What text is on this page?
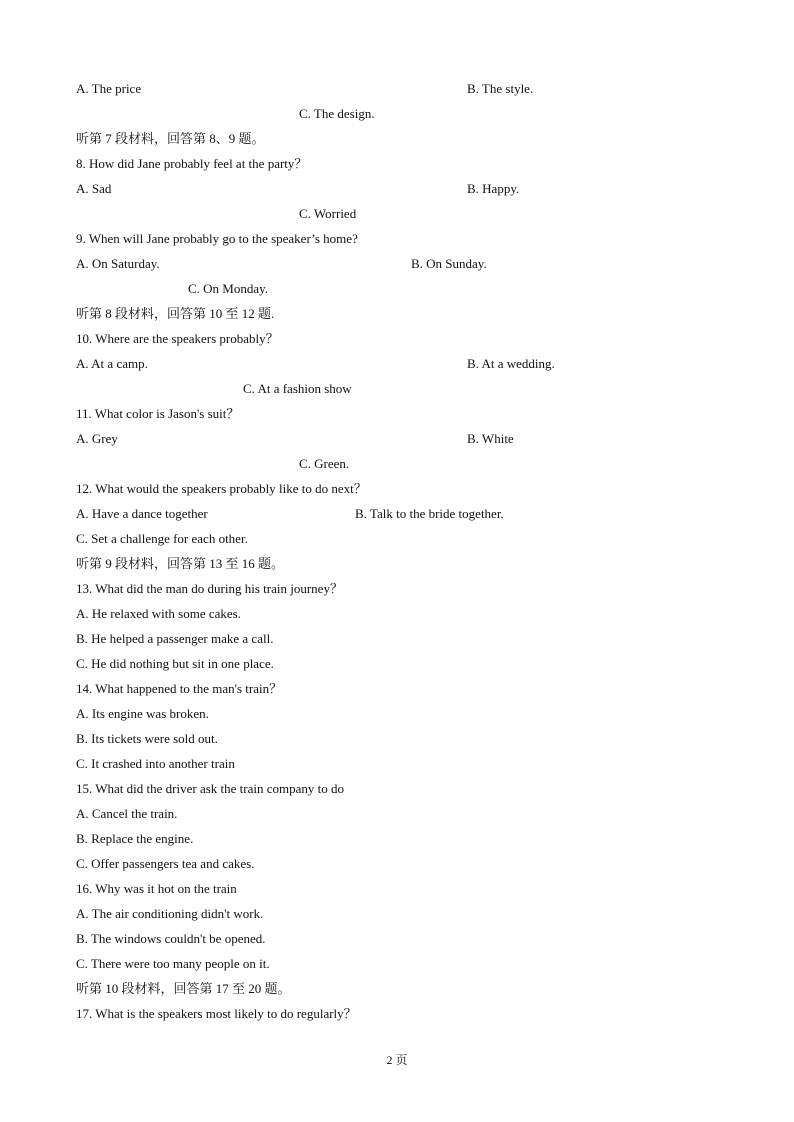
A. The price	B. The style.
C. The design.
听第 7 段材料，回答第 8、9 题。
8. How did Jane probably feel at the party？
A. Sad	B. Happy.
C. Worried
9. When will Jane probably go to the speaker’s home?
A. On Saturday.	B. On Sunday.
C. On Monday.
听第 8 段材料，回答第 10 至 12 题.
10. Where are the speakers probably？
A. At a camp.	B. At a wedding.
C. At a fashion show
11. What color is Jason's suit？
A. Grey	B. White
C. Green.
12. What would the speakers probably like to do next？
A. Have a dance together	B. Talk to the bride together.
C. Set a challenge for each other.
听第 9 段材料，回答第 13 至 16 题。
13. What did the man do during his train journey？
A. He relaxed with some cakes.
B. He helped a passenger make a call.
C. He did nothing but sit in one place.
14. What happened to the man's train？
A. Its engine was broken.
B. Its tickets were sold out.
C. It crashed into another train
15. What did the driver ask the train company to do
A. Cancel the train.
B. Replace the engine.
C. Offer passengers tea and cakes.
16. Why was it hot on the train
A. The air conditioning didn't work.
B. The windows couldn't be opened.
C. There were too many people on it.
听第 10 段材料，回答第 17 至 20 题。
17. What is the speakers most likely to do regularly？
2 页
